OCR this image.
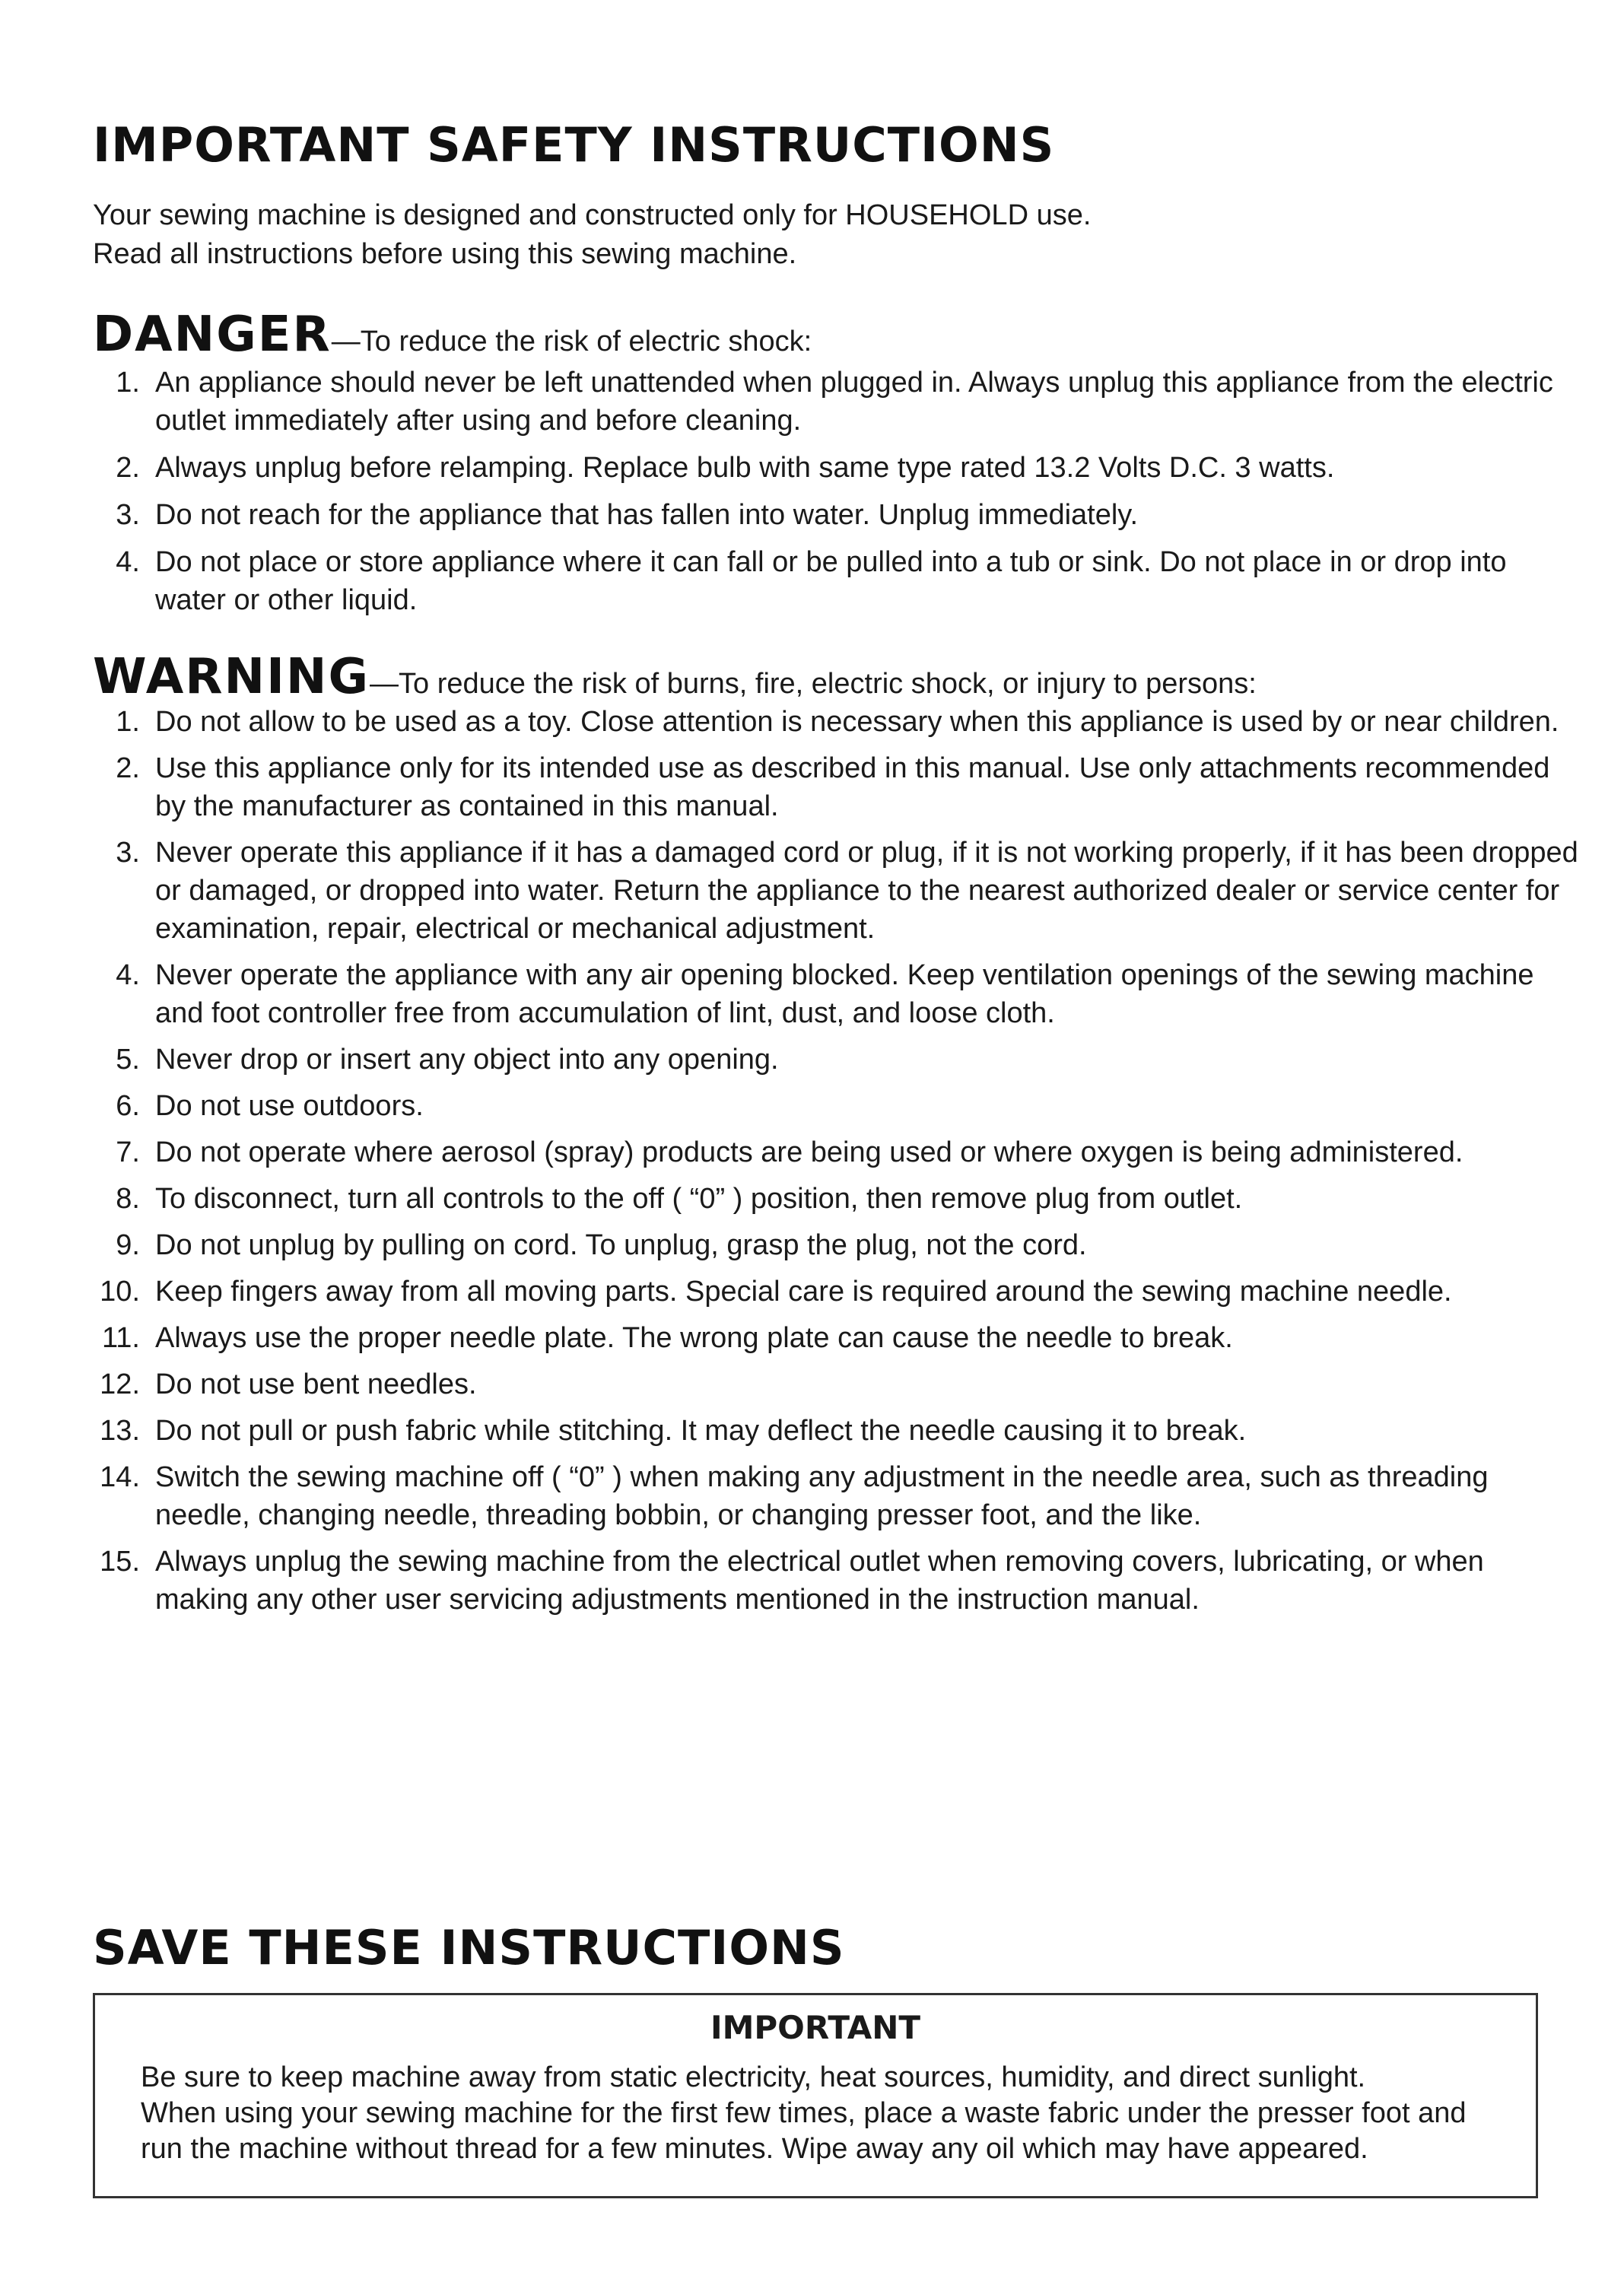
IMPORTANT SAFETY INSTRUCTIONS
Your sewing machine is designed and constructed only for HOUSEHOLD use.
Read all instructions before using this sewing machine.
DANGER—To reduce the risk of electric shock:
1. An appliance should never be left unattended when plugged in. Always unplug this appliance from the electric outlet immediately after using and before cleaning.
2. Always unplug before relamping. Replace bulb with same type rated 13.2 Volts D.C. 3 watts.
3. Do not reach for the appliance that has fallen into water. Unplug immediately.
4. Do not place or store appliance where it can fall or be pulled into a tub or sink. Do not place in or drop into water or other liquid.
WARNING—To reduce the risk of burns, fire, electric shock, or injury to persons:
1. Do not allow to be used as a toy. Close attention is necessary when this appliance is used by or near children.
2. Use this appliance only for its intended use as described in this manual. Use only attachments recommended by the manufacturer as contained in this manual.
3. Never operate this appliance if it has a damaged cord or plug, if it is not working properly, if it has been dropped or damaged, or dropped into water. Return the appliance to the nearest authorized dealer or service center for examination, repair, electrical or mechanical adjustment.
4. Never operate the appliance with any air opening blocked. Keep ventilation openings of the sewing machine and foot controller free from accumulation of lint, dust, and loose cloth.
5. Never drop or insert any object into any opening.
6. Do not use outdoors.
7. Do not operate where aerosol (spray) products are being used or where oxygen is being administered.
8. To disconnect, turn all controls to the off ( “0” ) position, then remove plug from outlet.
9. Do not unplug by pulling on cord. To unplug, grasp the plug, not the cord.
10. Keep fingers away from all moving parts. Special care is required around the sewing machine needle.
11. Always use the proper needle plate. The wrong plate can cause the needle to break.
12. Do not use bent needles.
13. Do not pull or push fabric while stitching. It may deflect the needle causing it to break.
14. Switch the sewing machine off ( “0” ) when making any adjustment in the needle area, such as threading needle, changing needle, threading bobbin, or changing presser foot, and the like.
15. Always unplug the sewing machine from the electrical outlet when removing covers, lubricating, or when making any other user servicing adjustments mentioned in the instruction manual.
SAVE THESE INSTRUCTIONS
IMPORTANT
Be sure to keep machine away from static electricity, heat sources, humidity, and direct sunlight.
When using your sewing machine for the first few times, place a waste fabric under the presser foot and run the machine without thread for a few minutes. Wipe away any oil which may have appeared.
